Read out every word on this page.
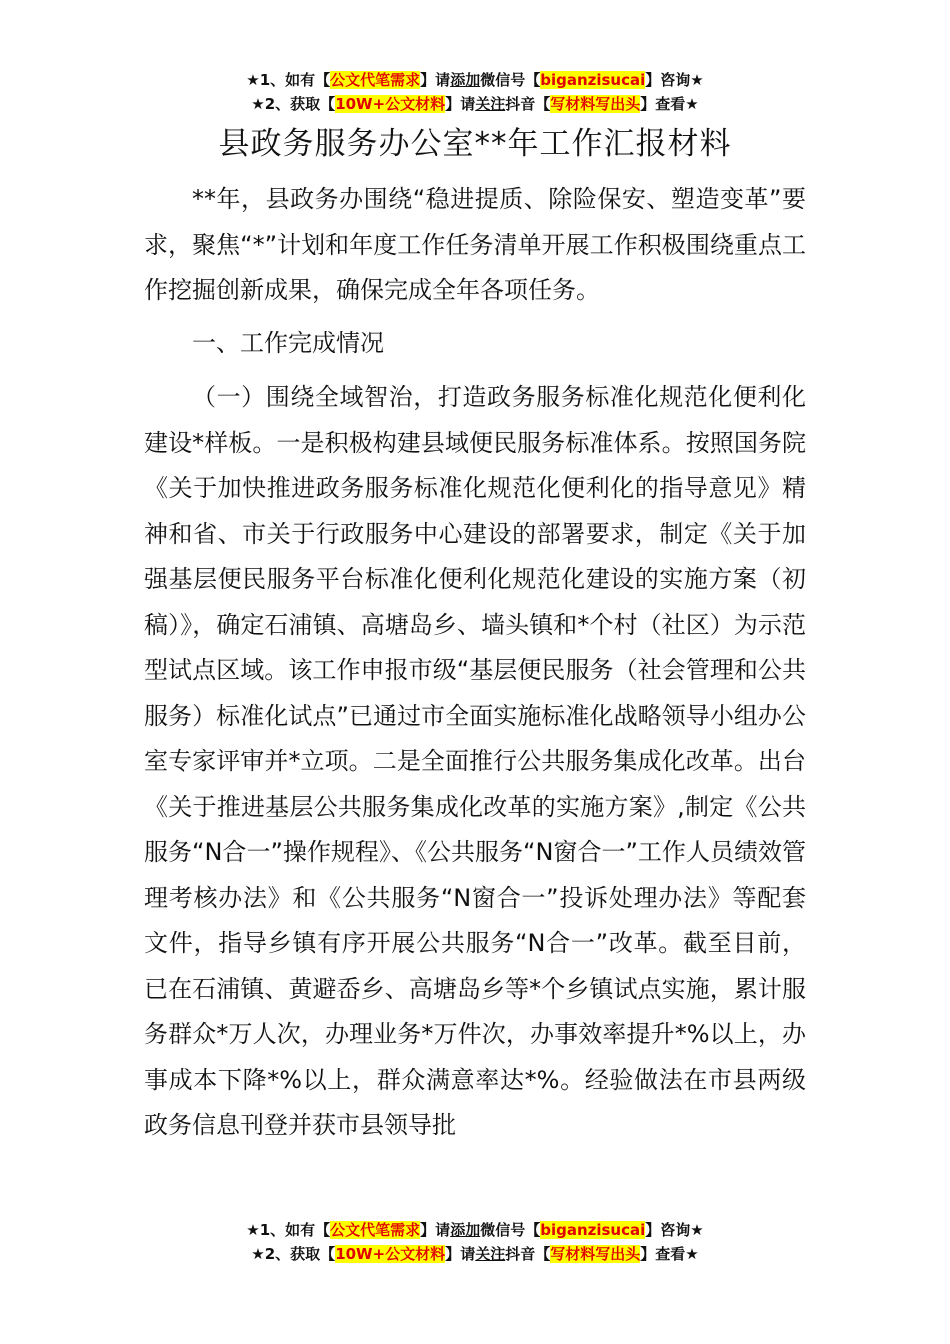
★1、如有【公文代笔需求】请添加微信号【biganzisucai】咨询★
★2、获取【10W+公文材料】请关注抖音【写材料写出头】查看★
县政务服务办公室**年工作汇报材料

**年，县政务办围绕“稳进提质、除险保安、塑造变革”要求，聚焦“*”计划和年度工作任务清单开展工作积极围绕重点工作挖掘创新成果，确保完成全年各项任务。

一、工作完成情况

（一）围绕全域智治，打造政务服务标准化规范化便利化建设*样板。一是积极构建县域便民服务标准体系。按照国务院《关于加快推进政务服务标准化规范化便利化的指导意见》精神和省、市关于行政服务中心建设的部署要求，制定《关于加强基层便民服务平台标准化便利化规范化建设的实施方案（初稿）》，确定石浦镇、高塘岛乡、墙头镇和*个村（社区）为示范型试点区域。该工作申报市级“基层便民服务（社会管理和公共服务）标准化试点”已通过市全面实施标准化战略领导小组办公室专家评审并*立项。二是全面推行公共服务集成化改革。出台《关于推进基层公共服务集成化改革的实施方案》,制定《公共服务“N合一”操作规程》、《公共服务“N窗合一”工作人员绩效管理考核办法》和《公共服务“N窗合一”投诉处理办法》等配套文件，指导乡镇有序开展公共服务“N合一”改革。截至目前，已在石浦镇、黄避岙乡、高塘岛乡等*个乡镇试点实施，累计服务群众*万人次，办理业务*万件次，办事效率提升*%以上，办事成本下降*%以上，群众满意率达*%。经验做法在市县两级政务信息刊登并获市县领导批

★1、如有【公文代笔需求】请添加微信号【biganzisucai】咨询★
★2、获取【10W+公文材料】请关注抖音【写材料写出头】查看★
